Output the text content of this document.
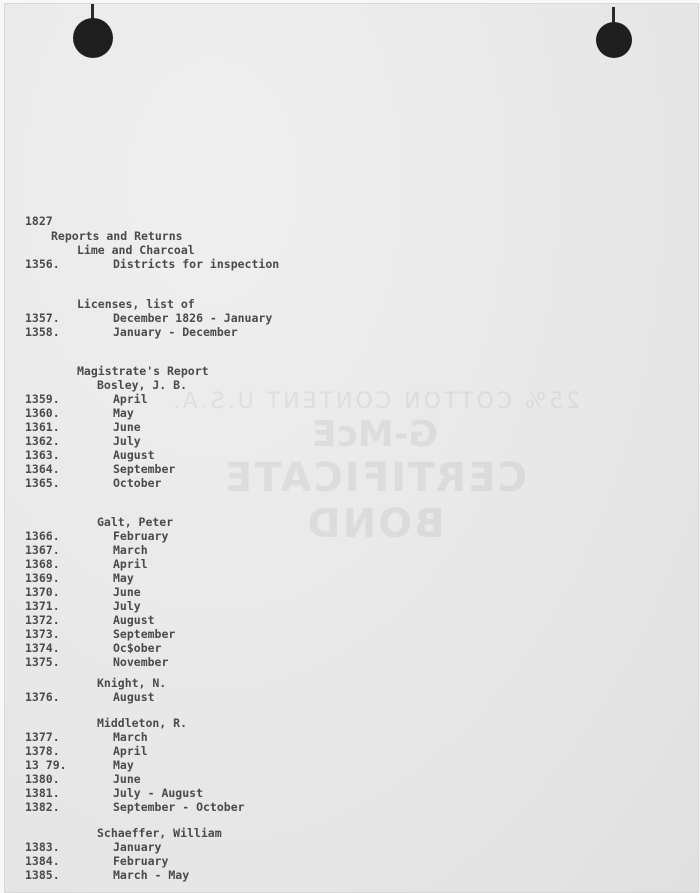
25% COTTON CONTENT U.S.A.
G-McE
CERTIFICATE BOND
1827
Reports and Returns
Lime and Charcoal
1356.	Districts for inspection
Licenses, list of
1357.	December 1826 - January
1358.	January - December
Magistrate's Report
Bosley, J. B.
1359.	April
1360.	May
1361.	June
1362.	July
1363.	August
1364.	September
1365.	October
Galt, Peter
1366.	February
1367.	March
1368.	April
1369.	May
1370.	June
1371.	July
1372.	August
1373.	September
1374.	Oc$ober
1375.	November
Knight, N.
1376.	August
Middleton, R.
1377.	March
1378.	April
13 79.	May
1380.	June
1381.	July - August
1382.	September - October
Schaeffer, William
1383.	January
1384.	February
1385.	March - May
